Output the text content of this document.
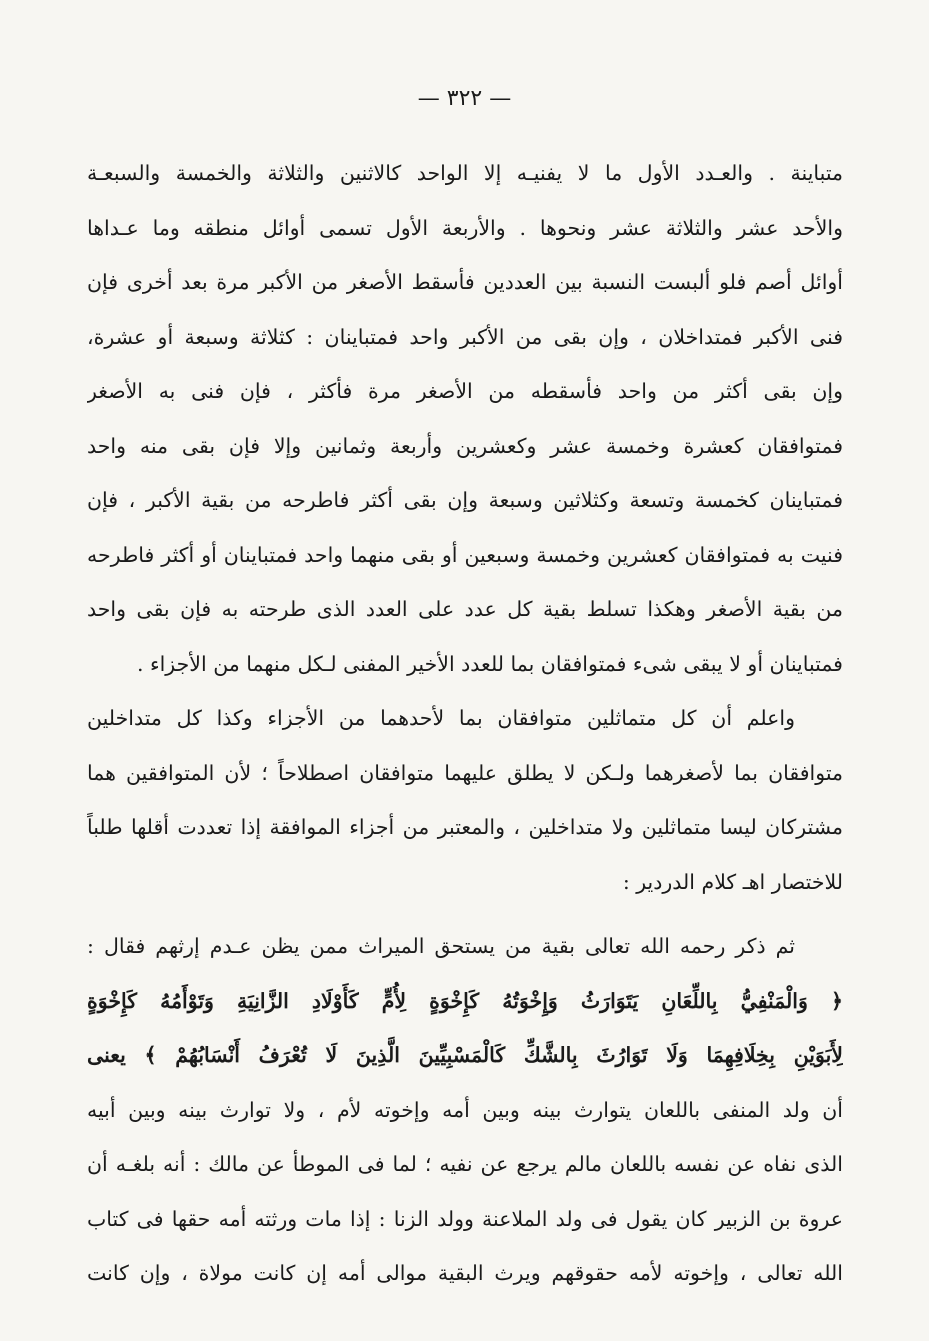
— ٣٢٢ —
متباينة . والعـدد الأول ما لا يفنيـه إلا الواحد كالاثنين والثلاثة والخمسة والسبعـة
والأحد عشر والثلاثة عشر ونحوها . والأربعة الأول تسمى أوائل منطقه وما عـداها
أوائل أصم فلو ألبست النسبة بين العددين فأسقط الأصغر من الأكبر مرة بعد أخرى فإن
فنى الأكبر فمتداخلان ، وإن بقى من الأكبر واحد فمتباينان : كثلاثة وسبعة أو عشرة،
وإن بقى أكثر من واحد فأسقطه من الأصغر مرة فأكثر ، فإن فنى به الأصغر
فمتوافقان كعشرة وخمسة عشر وكعشرين وأربعة وثمانين وإلا فإن بقى منه واحد
فمتباينان كخمسة وتسعة وكثلاثين وسبعة وإن بقى أكثر فاطرحه من بقية الأكبر ، فإن
فنيت به فمتوافقان كعشرين وخمسة وسبعين أو بقى منهما واحد فمتباينان أو أكثر فاطرحه
من بقية الأصغر وهكذا تسلط بقية كل عدد على العدد الذى طرحته به فإن بقى واحد
فمتباينان أو لا يبقى شىء فمتوافقان بما للعدد الأخير المفنى لـكل منهما من الأجزاء .
واعلم أن كل متماثلين متوافقان بما لأحدهما من الأجزاء وكذا كل متداخلين
متوافقان بما لأصغرهما ولـكن لا يطلق عليهما متوافقان اصطلاحاً ؛ لأن المتوافقين هما
مشتركان ليسا متماثلين ولا متداخلين ، والمعتبر من أجزاء الموافقة إذا تعددت أقلها طلباً
للاختصار اهـ كلام الدردير :
ثم ذكر رحمه الله تعالى بقية من يستحق الميراث ممن يظن عـدم إرثهم فقال :
﴿ وَالْمَنْفِيُّ بِاللِّعَانِ يَتَوَارَثُ وَإِخْوَتُهُ كَإِخْوَةٍ لِأُمٍّ كَأَوْلَادِ الزَّانِيَةِ وَتَوْأَمُهُ كَإِخْوَةٍ
لِأَبَوَيْنِ بِخِلَافِهِمَا وَلَا تَوَارُثَ بِالشَّكِّ كَالْمَسْبِيِّينَ الَّذِينَ لَا تُعْرَفُ أَنْسَابُهُمْ ﴾ يعنى
أن ولد المنفى باللعان يتوارث بينه وبين أمه وإخوته لأم ، ولا توارث بينه وبين أبيه
الذى نفاه عن نفسه باللعان مالم يرجع عن نفيه ؛ لما فى الموطأ عن مالك : أنه بلغـه أن
عروة بن الزبير كان يقول فى ولد الملاعنة وولد الزنا : إذا مات ورثته أمه حقها فى كتاب
الله تعالى ، وإخوته لأمه حقوقهم ويرث البقية موالى أمه إن كانت مولاة ، وإن كانت
